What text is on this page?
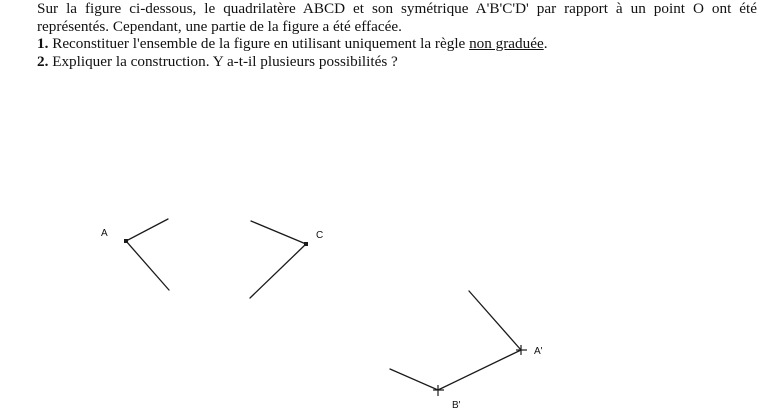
Sur la figure ci-dessous, le quadrilatère ABCD et son symétrique A'B'C'D' par rapport à un point O ont été

représentés. Cependant, une partie de la figure a été effacée.

1. Reconstituer l'ensemble de la figure en utilisant uniquement la règle non graduée.

2. Expliquer la construction. Y a-t-il plusieurs possibilités ?

A	C
A'
B'
